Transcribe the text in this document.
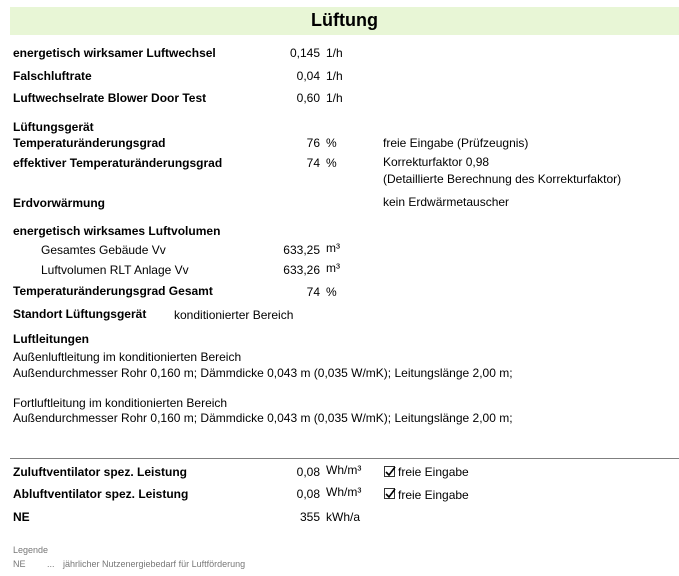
Lüftung
energetisch wirksamer Luftwechsel	0,145 1/h
Falschluftrate	0,04 1/h
Luftwechselrate Blower Door Test	0,60 1/h
Lüftungsgerät
Temperaturänderungsgrad	76 %	freie Eingabe (Prüfzeugnis)
effektiver Temperaturänderungsgrad	74 %	Korrekturfaktor 0,98
(Detaillierte Berechnung des Korrekturfaktor)
Erdvorwärmung	kein Erdwärmetauscher
energetisch wirksames Luftvolumen
Gesamtes Gebäude Vv	633,25 m³
Luftvolumen RLT Anlage Vv	633,26 m³
Temperaturänderungsgrad Gesamt	74 %
Standort Lüftungsgerät konditionierter Bereich
Luftleitungen
Außenluftleitung im konditionierten Bereich
Außendurchmesser Rohr 0,160 m; Dämmdicke 0,043 m (0,035 W/mK); Leitungslänge 2,00 m;
Fortluftleitung im konditionierten Bereich
Außendurchmesser Rohr 0,160 m; Dämmdicke 0,043 m (0,035 W/mK); Leitungslänge 2,00 m;
Zuluftventilator spez. Leistung	0,08 Wh/m³	freie Eingabe
Abluftventilator spez. Leistung	0,08 Wh/m³	freie Eingabe
NE	355 kWh/a
Legende
NE ... jährlicher Nutzenergiebedarf für Luftförderung
